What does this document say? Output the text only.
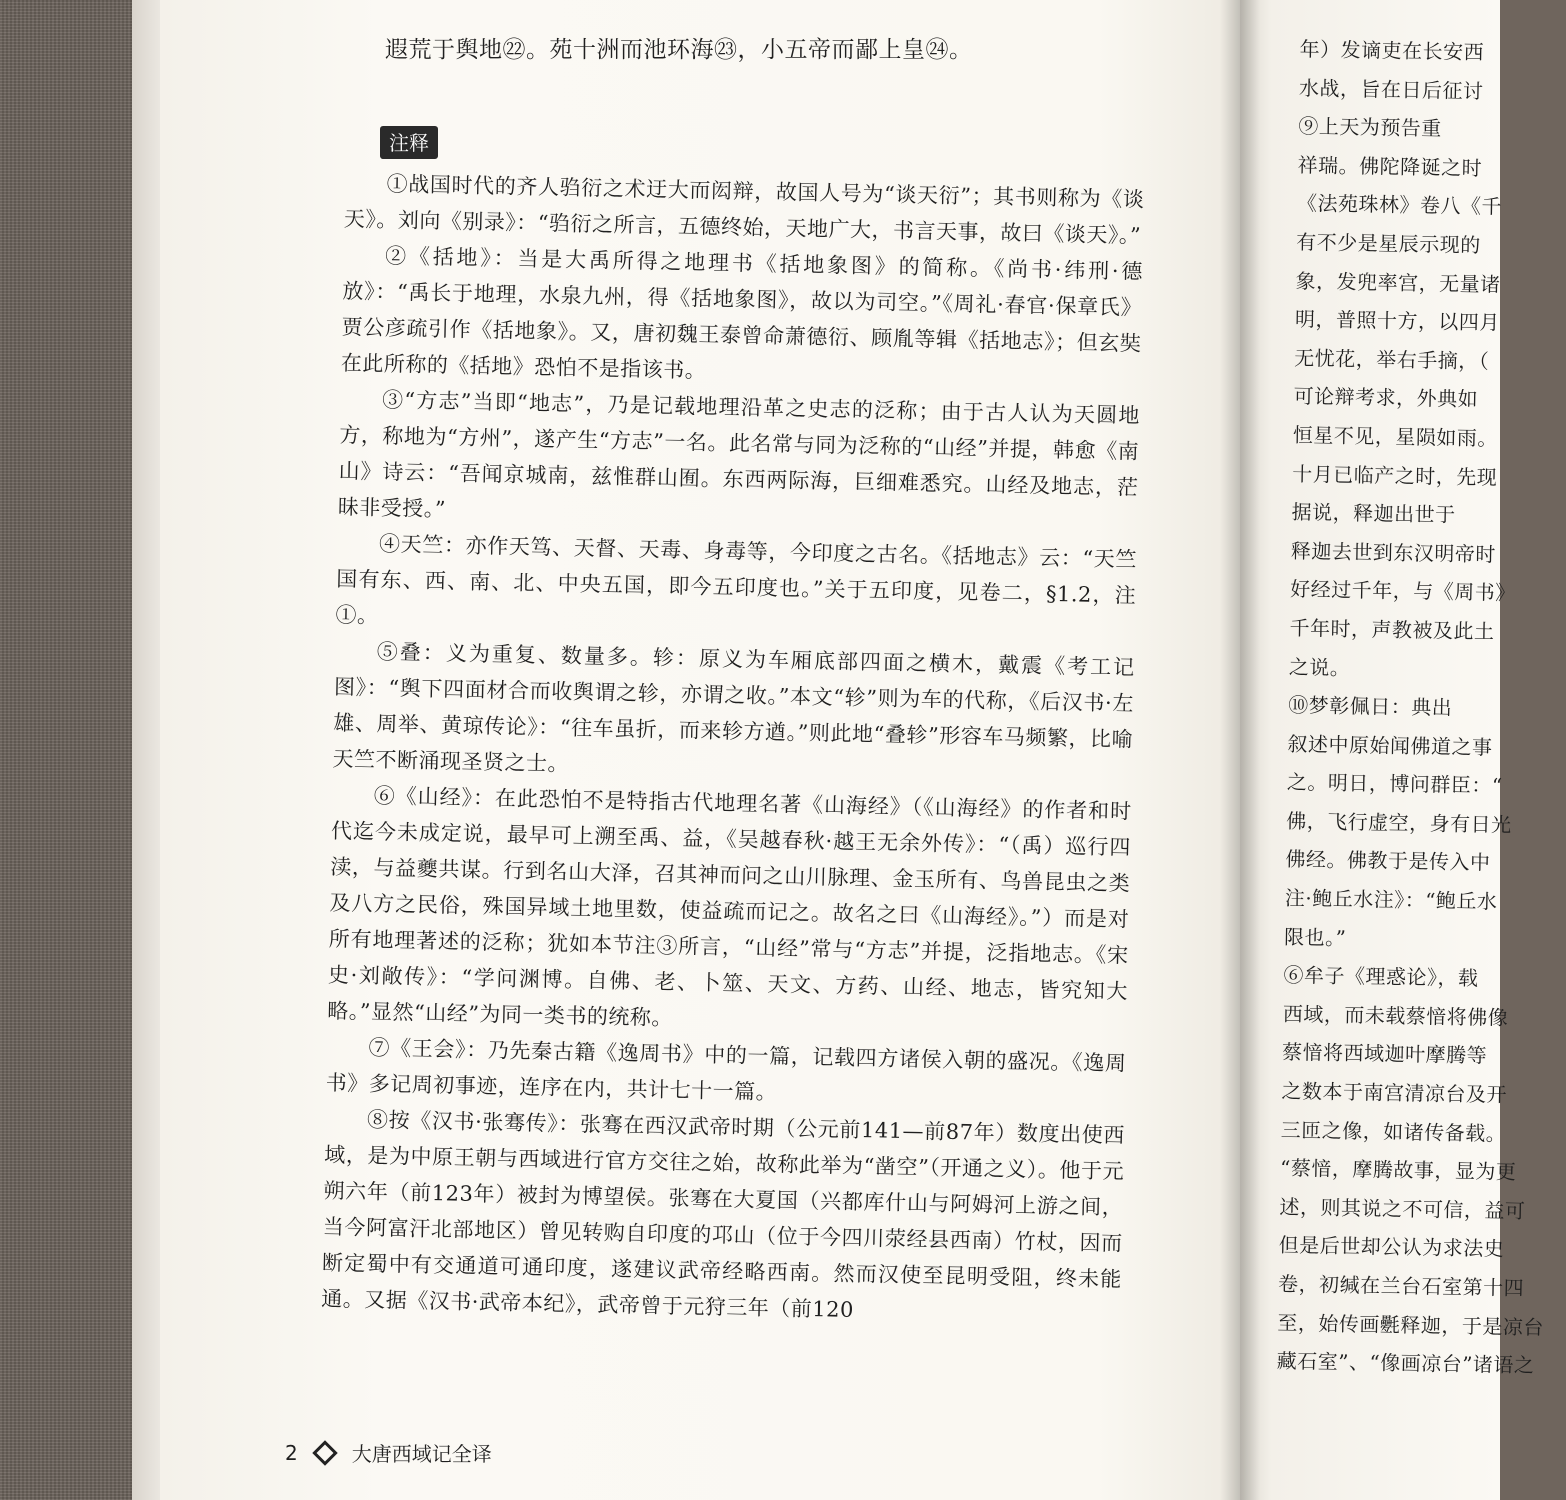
遐荒于舆地㉒。苑十洲而池环海㉓，小五帝而鄙上皇㉔。
注释

①战国时代的齐人驺衍之术迂大而闳辩，故国人号为“谈天衍”；其书则称为《谈天》。刘向《别录》：“驺衍之所言，五德终始，天地广大，书言天事，故曰《谈天》。”

②《括地》：当是大禹所得之地理书《括地象图》的简称。《尚书·纬刑·德放》：“禹长于地理，水泉九州，得《括地象图》，故以为司空。”《周礼·春官·保章氏》贾公彦疏引作《括地象》。又，唐初魏王泰曾命萧德衍、顾胤等辑《括地志》；但玄奘在此所称的《括地》恐怕不是指该书。

③“方志”当即“地志”，乃是记载地理沿革之史志的泛称；由于古人认为天圆地方，称地为“方州”，遂产生“方志”一名。此名常与同为泛称的“山经”并提，韩愈《南山》诗云：“吾闻京城南，兹惟群山囿。东西两际海，巨细难悉究。山经及地志，茫昧非受授。”

④天竺：亦作天笃、天督、天毒、身毒等，今印度之古名。《括地志》云：“天竺国有东、西、南、北、中央五国，即今五印度也。”关于五印度，见卷二，§1.2，注①。

⑤叠：义为重复、数量多。轸：原义为车厢底部四面之横木，戴震《考工记图》：“舆下四面材合而收舆谓之轸，亦谓之收。”本文“轸”则为车的代称，《后汉书·左雄、周举、黄琼传论》：“往车虽折，而来轸方遒。”则此地“叠轸”形容车马频繁，比喻天竺不断涌现圣贤之士。

⑥《山经》：在此恐怕不是特指古代地理名著《山海经》（《山海经》的作者和时代迄今未成定说，最早可上溯至禹、益，《吴越春秋·越王无余外传》：“（禹）巡行四渎，与益夔共谋。行到名山大泽，召其神而问之山川脉理、金玉所有、鸟兽昆虫之类及八方之民俗，殊国异域土地里数，使益疏而记之。故名之曰《山海经》。”）而是对所有地理著述的泛称；犹如本节注③所言，“山经”常与“方志”并提，泛指地志。《宋史·刘敞传》：“学问渊博。自佛、老、卜筮、天文、方药、山经、地志，皆究知大略。”显然“山经”为同一类书的统称。

⑦《王会》：乃先秦古籍《逸周书》中的一篇，记载四方诸侯入朝的盛况。《逸周书》多记周初事迹，连序在内，共计七十一篇。

⑧按《汉书·张骞传》：张骞在西汉武帝时期（公元前141—前87年）数度出使西域，是为中原王朝与西域进行官方交往之始，故称此举为“凿空”（开通之义）。他于元朔六年（前123年）被封为博望侯。张骞在大夏国（兴都库什山与阿姆河上游之间，当今阿富汗北部地区）曾见转购自印度的邛山（位于今四川荥经县西南）竹杖，因而断定蜀中有交通道可通印度，遂建议武帝经略西南。然而汉使至昆明受阻，终未能通。又据《汉书·武帝本纪》，武帝曾于元狩三年（前120

2	大唐西域记全译
年）发谪吏在长安西
水战，旨在日后征讨
⑨上天为预告重
祥瑞。佛陀降诞之时
《法苑珠林》卷八《千
有不少是星辰示现的
象，发兜率宫，无量诸
明，普照十方，以四月
无忧花，举右手摘，（
可论辩考求，外典如
恒星不见，星陨如雨。
十月已临产之时，先现
据说，释迦出世于
释迦去世到东汉明帝时
好经过千年，与《周书》
千年时，声教被及此土
之说。
⑩梦彰佩日：典出
叙述中原始闻佛道之事
之。明日，博问群臣：“
佛，飞行虚空，身有日光
佛经。佛教于是传入中
注·鲍丘水注》：“鲍丘水
限也。”
⑥牟子《理惑论》，载
西域，而未载蔡愔将佛像
蔡愔将西域迦叶摩腾等
之数本于南宫清凉台及开
三匝之像，如诸传备载。
“蔡愔，摩腾故事，显为更
述，则其说之不可信，益可
但是后世却公认为求法史
卷，初缄在兰台石室第十四
至，始传画氎释迦，于是凉台
藏石室”、“像画凉台”诸语之
